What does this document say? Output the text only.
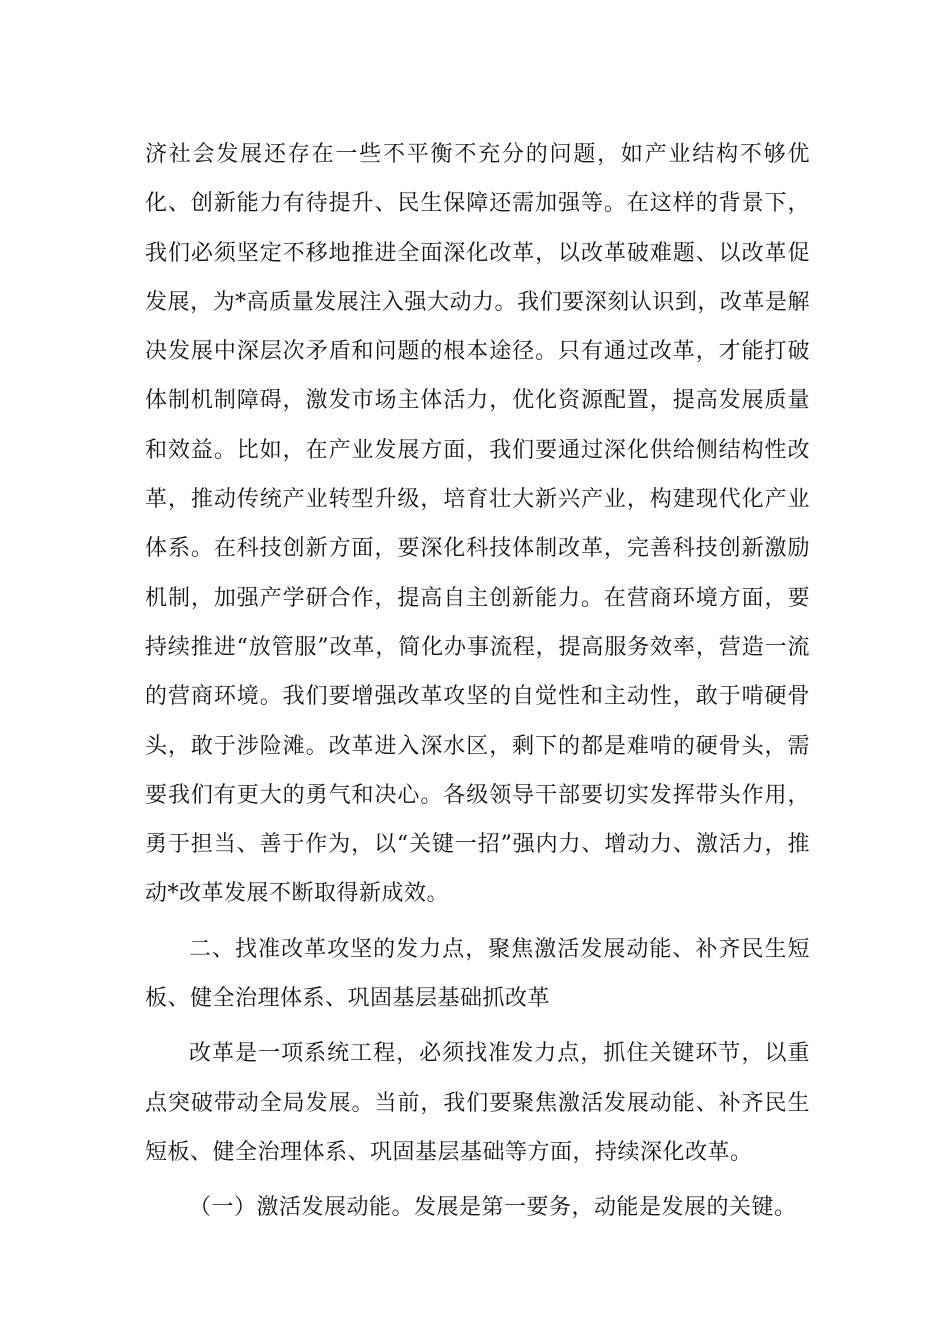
济社会发展还存在一些不平衡不充分的问题，如产业结构不够优化、创新能力有待提升、民生保障还需加强等。在这样的背景下，我们必须坚定不移地推进全面深化改革，以改革破难题、以改革促发展，为*高质量发展注入强大动力。我们要深刻认识到，改革是解决发展中深层次矛盾和问题的根本途径。只有通过改革，才能打破体制机制障碍，激发市场主体活力，优化资源配置，提高发展质量和效益。比如，在产业发展方面，我们要通过深化供给侧结构性改革，推动传统产业转型升级，培育壮大新兴产业，构建现代化产业体系。在科技创新方面，要深化科技体制改革，完善科技创新激励机制，加强产学研合作，提高自主创新能力。在营商环境方面，要持续推进“放管服”改革，简化办事流程，提高服务效率，营造一流的营商环境。我们要增强改革攻坚的自觉性和主动性，敢于啃硬骨头，敢于涉险滩。改革进入深水区，剩下的都是难啃的硬骨头，需要我们有更大的勇气和决心。各级领导干部要切实发挥带头作用，勇于担当、善于作为，以“关键一招”强内力、增动力、激活力，推动*改革发展不断取得新成效。

二、找准改革攻坚的发力点，聚焦激活发展动能、补齐民生短板、健全治理体系、巩固基层基础抓改革

改革是一项系统工程，必须找准发力点，抓住关键环节，以重点突破带动全局发展。当前，我们要聚焦激活发展动能、补齐民生短板、健全治理体系、巩固基层基础等方面，持续深化改革。

（一）激活发展动能。发展是第一要务，动能是发展的关键。
